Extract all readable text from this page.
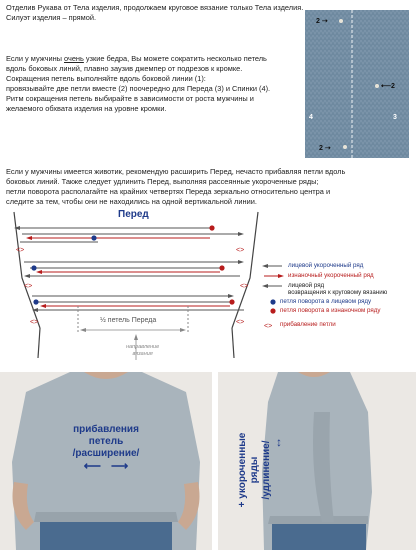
Отделив Рукава от Тела изделия, продолжаем круговое вязание только Тела изделия.
Силуэт изделия – прямой.
Если у мужчины очень узкие бедра, Вы можете сократить несколько петель
вдоль боковых линий, плавно заузив джемпер от подрезов к кромке.
Сокращения петель выполняйте вдоль боковой линии (1):
провязывайте две петли вместе (2) поочередно для Переда (3) и Спинки (4).
Ритм сокращения петель выбирайте в зависимости от роста мужчины и
желаемого обхвата изделия на уровне кромки.
2 ➝
⟵2
2 ➝
3
4
Если у мужчины имеется животик, рекомендую расширить Перед, нечасто прибавляя петли вдоль
боковых линий. Также следует удлинить Перед, выполняя рассеянные укороченные ряды;
петли поворота располагайте на крайних четвертях Переда зеркально относительно центра и
следите за тем, чтобы они не находились на одной вертикальной линии.
<>	<>
<>	<>
<>	<>
<>
Перед
½ петель Переда
направление
вязания
лицевой укороченный ряд
изнаночный укороченный ряд
лицевой ряд
возвращения к круговому вязанию
петля поворота в лицевом ряду
петля поворота в изнаночном ряду
прибавление петли
прибавления
петель
/расширение/
⟵   ⟶	+ укороченные ряды /удлинение/ ↕
